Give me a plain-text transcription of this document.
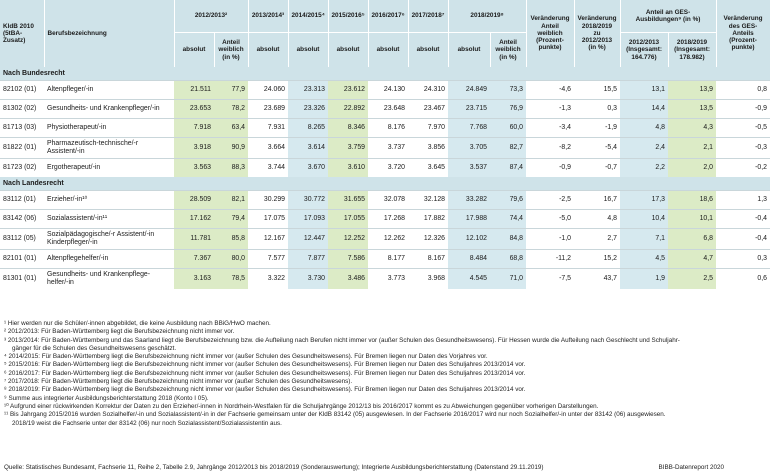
KldB 2010 (5tBA-Zusatz)	Berufsbezeichnung	2012/2013²		2013/2014³	2014/2015⁴	2015/2016⁵	2016/2017⁶	2017/2018⁷	2018/2019⁸		Veränderung Anteil weiblich (Prozent-punkte)	Veränderung 2018/2019 zu 2012/2013 (in %)	Anteil an GES-Ausbildungen⁹ (in %)		Veränderung des GES-Anteils (Prozent-punkte)
		absolut	Anteil weiblich (in %)	absolut	absolut	absolut	absolut	absolut	absolut	Anteil weiblich (in %)			2012/2013 (Insgesamt: 164.776)	2018/2019 (Insgesamt: 178.982)	
Nach Bundesrecht															
82102 (01)	Altenpfleger/-in	21.511	77,9	24.060	23.313	23.612	24.130	24.310	24.849	73,3	-4,6	15,5	13,1	13,9	0,8
81302 (02)	Gesundheits- und Krankenpfleger/-in	23.653	78,2	23.689	23.326	22.892	23.648	23.467	23.715	76,9	-1,3	0,3	14,4	13,5	-0,9
81713 (03)	Physiotherapeut/-in	7.918	63,4	7.931	8.265	8.346	8.176	7.970	7.768	60,0	-3,4	-1,9	4,8	4,3	-0,5
81822 (01)	Pharmazeutisch-technische/-r Assistent/-in	3.918	90,9	3.664	3.614	3.759	3.737	3.856	3.705	82,7	-8,2	-5,4	2,4	2,1	-0,3
81723 (02)	Ergotherapeut/-in	3.563	88,3	3.744	3.670	3.610	3.720	3.645	3.537	87,4	-0,9	-0,7	2,2	2,0	-0,2
Nach Landesrecht															
83112 (01)	Erzieher/-in¹⁰	28.509	82,1	30.299	30.772	31.655	32.078	32.128	33.282	79,6	-2,5	16,7	17,3	18,6	1,3
83142 (06)	Sozialassistent/-in¹¹	17.162	79,4	17.075	17.093	17.055	17.268	17.882	17.988	74,4	-5,0	4,8	10,4	10,1	-0,4
83112 (05)	Sozialpädagogische/-r Assistent/-in Kinderpfleger/-in	11.781	85,8	12.167	12.447	12.252	12.262	12.326	12.102	84,8	-1,0	2,7	7,1	6,8	-0,4
82101 (01)	Altenpflegehelfer/-in	7.367	80,0	7.577	7.877	7.586	8.177	8.167	8.484	68,8	-11,2	15,2	4,5	4,7	0,3
81301 (01)	Gesundheits- und Krankenpflege-helfer/-in	3.163	78,5	3.322	3.730	3.486	3.773	3.968	4.545	71,0	-7,5	43,7	1,9	2,5	0,6
¹ Hier werden nur die Schüler/-innen abgebildet, die keine Ausbildung nach BBiG/HwO machen.
² 2012/2013: Für Baden-Württemberg liegt die Berufsbezeichnung nicht immer vor.
³ 2013/2014: Für Baden-Württemberg und das Saarland liegt die Berufsbezeichnung bzw. die Aufteilung nach Berufen nicht immer vor (außer Schulen des Gesundheitswesens). Für Hessen wurde die Aufteilung nach Geschlecht und Schuljahr-
gänger für die Schulen des Gesundheitswesens geschätzt.
⁴ 2014/2015: Für Baden-Württemberg liegt die Berufsbezeichnung nicht immer vor (außer Schulen des Gesundheitswesens). Für Bremen liegen nur Daten des Vorjahres vor.
⁵ 2015/2016: Für Baden-Württemberg liegt die Berufsbezeichnung nicht immer vor (außer Schulen des Gesundheitswesens). Für Bremen liegen nur Daten des Schuljahres 2013/2014 vor.
⁶ 2016/2017: Für Baden-Württemberg liegt die Berufsbezeichnung nicht immer vor (außer Schulen des Gesundheitswesens). Für Bremen liegen nur Daten des Schuljahres 2013/2014 vor.
⁷ 2017/2018: Für Baden-Württemberg liegt die Berufsbezeichnung nicht immer vor (außer Schulen des Gesundheitswesens).
⁸ 2018/2019: Für Baden-Württemberg liegt die Berufsbezeichnung nicht immer vor (außer Schulen des Gesundheitswesens). Für Bremen liegen nur Daten des Schuljahres 2013/2014 vor.
⁹ Summe aus integrierter Ausbildungsberichterstattung 2018 (Konto I 05).
¹⁰ Aufgrund einer rückwirkenden Korrektur der Daten zu den Erzieher/-innen in Nordrhein-Westfalen für die Schuljahrgänge 2012/13 bis 2016/2017 kommt es zu Abweichungen gegenüber vorherigen Darstellungen.
¹¹ Bis Jahrgang 2015/2016 wurden Sozialhelfer/-in und Sozialassistent/-in in der Fachserie gemeinsam unter der KldB 83142 (05) ausgewiesen. In der Fachserie 2016/2017 wird nur noch Sozialhelfer/-in unter der 83142 (06) ausgewiesen.
2018/19 weist die Fachserie unter der 83142 (06) nur noch Sozialassistent/Sozialassistentin aus.
Quelle: Statistisches Bundesamt, Fachserie 11, Reihe 2, Tabelle 2.9, Jahrgänge 2012/2013 bis 2018/2019 (Sonderauswertung); Integrierte Ausbildungsberichterstattung (Datenstand 29.11.2019)	BIBB-Datenreport 2020
